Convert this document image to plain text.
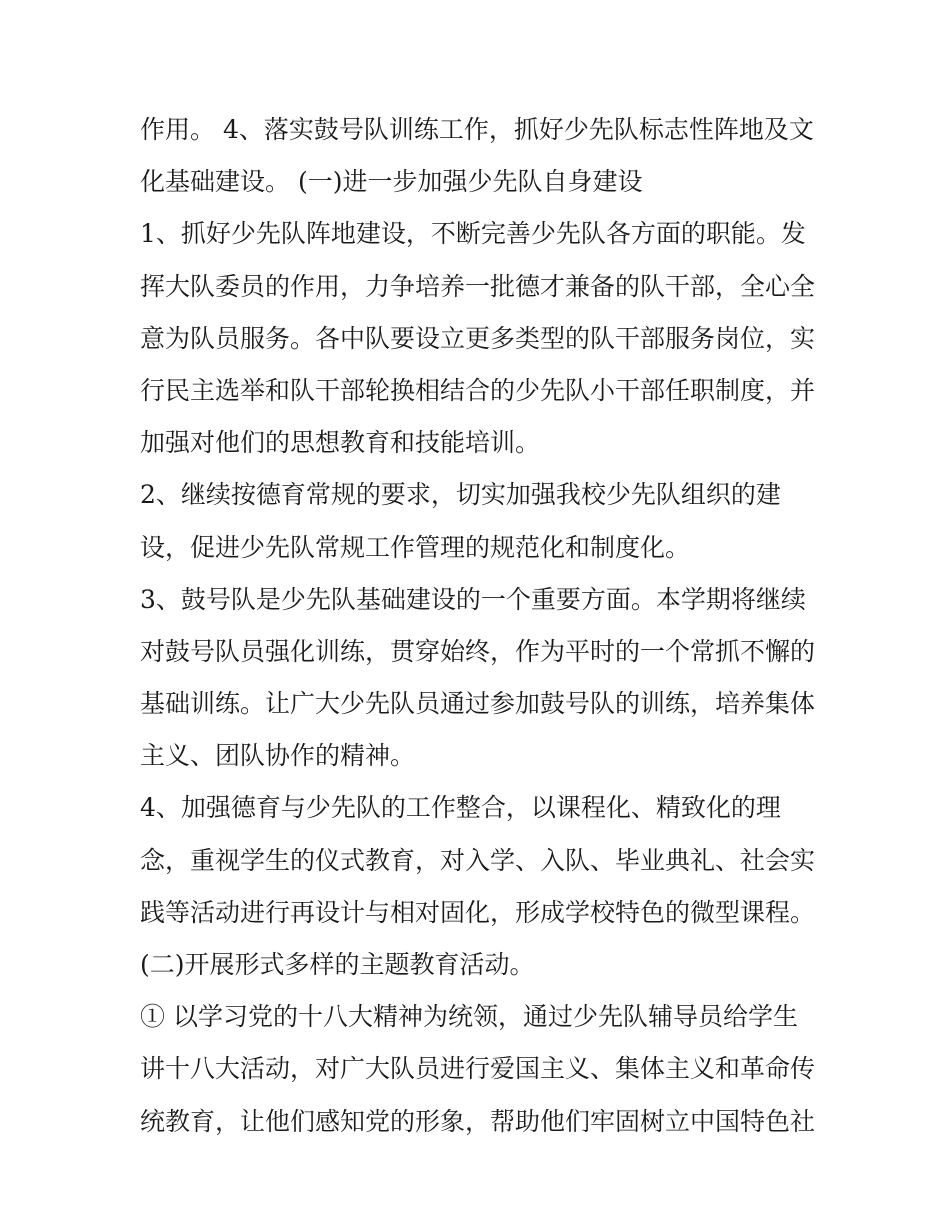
作用。 4、落实鼓号队训练工作，抓好少先队标志性阵地及文
化基础建设。 (一)进一步加强少先队自身建设
1、抓好少先队阵地建设，不断完善少先队各方面的职能。发
挥大队委员的作用，力争培养一批德才兼备的队干部，全心全
意为队员服务。各中队要设立更多类型的队干部服务岗位，实
行民主选举和队干部轮换相结合的少先队小干部任职制度，并
加强对他们的思想教育和技能培训。
2、继续按德育常规的要求，切实加强我校少先队组织的建
设，促进少先队常规工作管理的规范化和制度化。
3、鼓号队是少先队基础建设的一个重要方面。本学期将继续
对鼓号队员强化训练，贯穿始终，作为平时的一个常抓不懈的
基础训练。让广大少先队员通过参加鼓号队的训练，培养集体
主义、团队协作的精神。
4、加强德育与少先队的工作整合，以课程化、精致化的理
念，重视学生的仪式教育，对入学、入队、毕业典礼、社会实
践等活动进行再设计与相对固化，形成学校特色的微型课程。
(二)开展形式多样的主题教育活动。
① 以学习党的十八大精神为统领，通过少先队辅导员给学生
讲十八大活动，对广大队员进行爱国主义、集体主义和革命传
统教育，让他们感知党的形象，帮助他们牢固树立中国特色社
